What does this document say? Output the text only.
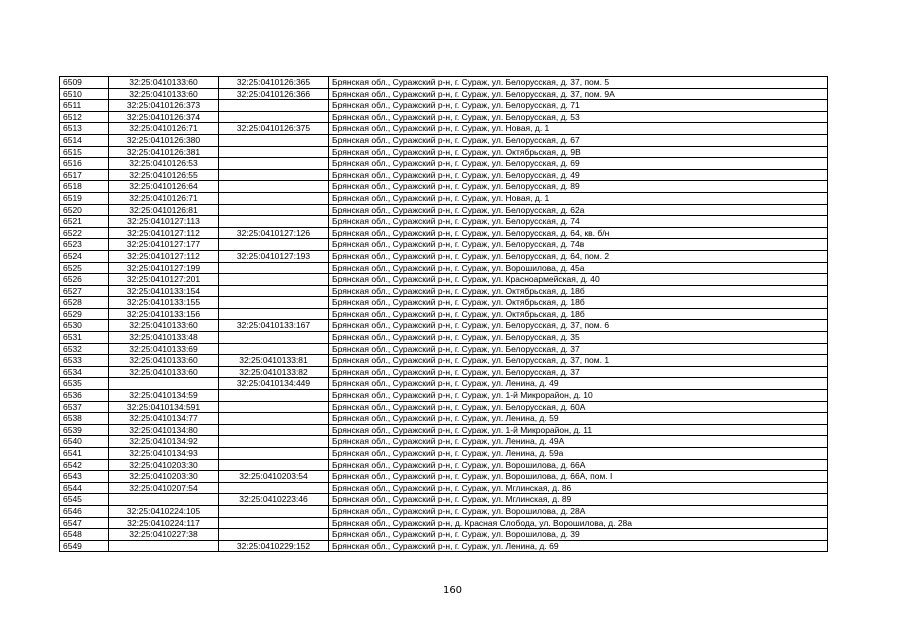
6509	32:25:0410133:60	32:25:0410126:365	Брянская обл., Суражский р-н, г. Сураж, ул. Белорусская, д. 37, пом. 5
6510	32:25:0410133:60	32:25:0410126:366	Брянская обл., Суражский р-н, г. Сураж, ул. Белорусская, д. 37, пом. 9А
6511	32:25:0410126:373		Брянская обл., Суражский р-н, г. Сураж, ул. Белорусская, д. 71
6512	32:25:0410126:374		Брянская обл., Суражский р-н, г. Сураж, ул. Белорусская, д. 53
6513	32:25:0410126:71	32:25:0410126:375	Брянская обл., Суражский р-н, г. Сураж, ул. Новая, д. 1
6514	32:25:0410126:380		Брянская обл., Суражский р-н, г. Сураж, ул. Белорусская, д. 67
6515	32:25:0410126:381		Брянская обл., Суражский р-н, г. Сураж, ул. Октябрьская, д. 9В
6516	32:25:0410126:53		Брянская обл., Суражский р-н, г. Сураж, ул. Белорусская, д. 69
6517	32:25:0410126:55		Брянская обл., Суражский р-н, г. Сураж, ул. Белорусская, д. 49
6518	32:25:0410126:64		Брянская обл., Суражский р-н, г. Сураж, ул. Белорусская, д. 89
6519	32:25:0410126:71		Брянская обл., Суражский р-н, г. Сураж, ул. Новая, д. 1
6520	32:25:0410126:81		Брянская обл., Суражский р-н, г. Сураж, ул. Белорусская, д. 62а
6521	32:25:0410127:113		Брянская обл., Суражский р-н, г. Сураж, ул. Белорусская, д. 74
6522	32:25:0410127:112	32:25:0410127:126	Брянская обл., Суражский р-н, г. Сураж, ул. Белорусская, д. 64, кв. б/н
6523	32:25:0410127:177		Брянская обл., Суражский р-н, г. Сураж, ул. Белорусская, д. 74в
6524	32:25:0410127:112	32:25:0410127:193	Брянская обл., Суражский р-н, г. Сураж, ул. Белорусская, д. 64, пом. 2
6525	32:25:0410127:199		Брянская обл., Суражский р-н, г. Сураж, ул. Ворошилова, д. 45а
6526	32:25:0410127:201		Брянская обл., Суражский р-н, г. Сураж, ул. Красноармейская, д. 40
6527	32:25:0410133:154		Брянская обл., Суражский р-н, г. Сураж, ул. Октябрьская, д. 18б
6528	32:25:0410133:155		Брянская обл., Суражский р-н, г. Сураж, ул. Октябрьская, д. 18б
6529	32:25:0410133:156		Брянская обл., Суражский р-н, г. Сураж, ул. Октябрьская, д. 18б
6530	32:25:0410133:60	32:25:0410133:167	Брянская обл., Суражский р-н, г. Сураж, ул. Белорусская, д. 37, пом. 6
6531	32:25:0410133:48		Брянская обл., Суражский р-н, г. Сураж, ул. Белорусская, д. 35
6532	32:25:0410133:69		Брянская обл., Суражский р-н, г. Сураж, ул. Белорусская, д. 37
6533	32:25:0410133:60	32:25:0410133:81	Брянская обл., Суражский р-н, г. Сураж, ул. Белорусская, д. 37, пом. 1
6534	32:25:0410133:60	32:25:0410133:82	Брянская обл., Суражский р-н, г. Сураж, ул. Белорусская, д. 37
6535		32:25:0410134:449	Брянская обл., Суражский р-н, г. Сураж, ул. Ленина, д. 49
6536	32:25:0410134:59		Брянская обл., Суражский р-н, г. Сураж, ул. 1-й Микрорайон, д. 10
6537	32:25:0410134:591		Брянская обл., Суражский р-н, г. Сураж, ул. Белорусская, д. 60А
6538	32:25:0410134:77		Брянская обл., Суражский р-н, г. Сураж, ул. Ленина, д. 59
6539	32:25:0410134:80		Брянская обл., Суражский р-н, г. Сураж, ул. 1-й Микрорайон, д. 11
6540	32:25:0410134:92		Брянская обл., Суражский р-н, г. Сураж, ул. Ленина, д. 49А
6541	32:25:0410134:93		Брянская обл., Суражский р-н, г. Сураж, ул. Ленина, д. 59а
6542	32:25:0410203:30		Брянская обл., Суражский р-н, г. Сураж, ул. Ворошилова, д. 66А
6543	32:25:0410203:30	32:25:0410203:54	Брянская обл., Суражский р-н, г. Сураж, ул. Ворошилова, д. 66А, пом. I
6544	32:25:0410207:54		Брянская обл., Суражский р-н, г. Сураж, ул. Мглинская, д. 86
6545		32:25:0410223:46	Брянская обл., Суражский р-н, г. Сураж, ул. Мглинская, д. 89
6546	32:25:0410224:105		Брянская обл., Суражский р-н, г. Сураж, ул. Ворошилова, д. 28А
6547	32:25:0410224:117		Брянская обл., Суражский р-н, д. Красная Слобода, ул. Ворошилова, д. 28а
6548	32:25:0410227:38		Брянская обл., Суражский р-н, г. Сураж, ул. Ворошилова, д. 39
6549		32:25:0410229:152	Брянская обл., Суражский р-н, г. Сураж, ул. Ленина, д. 69
160
